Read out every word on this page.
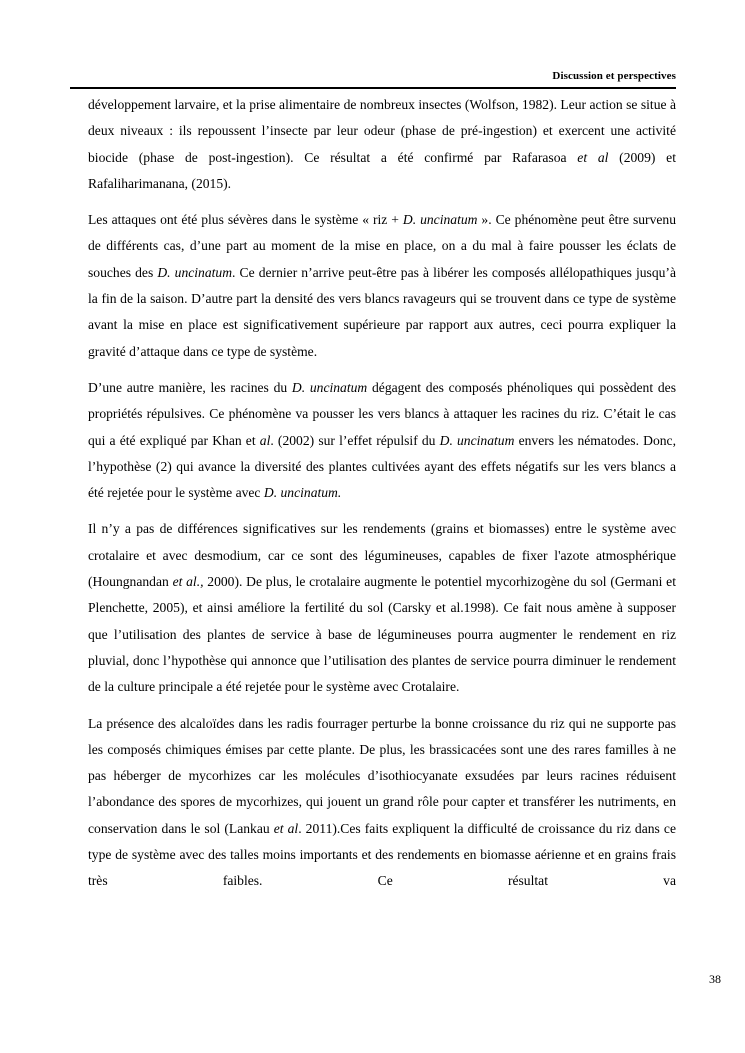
Discussion et perspectives

développement larvaire, et la prise alimentaire de nombreux insectes (Wolfson, 1982). Leur action se situe à deux niveaux : ils repoussent l’insecte par leur odeur (phase de pré-ingestion) et exercent une activité biocide (phase de post-ingestion). Ce résultat a été confirmé par Rafarasoa et al (2009) et Rafaliharimanana, (2015).

Les attaques ont été plus sévères dans le système « riz + D. uncinatum ». Ce phénomène peut être survenu de différents cas, d’une part au moment de la mise en place, on a du mal à faire pousser les éclats de souches des D. uncinatum. Ce dernier n’arrive peut-être pas à libérer les composés allélopathiques jusqu’à la fin de la saison. D’autre part la densité des vers blancs ravageurs qui se trouvent dans ce type de système avant la mise en place est significativement supérieure par rapport aux autres, ceci pourra expliquer la gravité d’attaque dans ce type de système.

D’une autre manière, les racines du D. uncinatum dégagent des composés phénoliques qui possèdent des propriétés répulsives. Ce phénomène va pousser les vers blancs à attaquer les racines du riz. C’était le cas qui a été expliqué par Khan et al. (2002) sur l’effet répulsif du D. uncinatum envers les nématodes. Donc, l’hypothèse (2) qui avance la diversité des plantes cultivées ayant des effets négatifs sur les vers blancs a été rejetée pour le système avec D. uncinatum.

Il n’y a pas de différences significatives sur les rendements (grains et biomasses) entre le système avec crotalaire et avec desmodium, car ce sont des légumineuses, capables de fixer l'azote atmosphérique (Houngnandan et al., 2000). De plus, le crotalaire augmente le potentiel mycorhizogène du sol (Germani et Plenchette, 2005), et ainsi améliore la fertilité du sol (Carsky et al.1998). Ce fait nous amène à supposer que l’utilisation des plantes de service à base de légumineuses pourra augmenter le rendement en riz pluvial, donc l’hypothèse qui annonce que l’utilisation des plantes de service pourra diminuer le rendement de la culture principale a été rejetée pour le système avec Crotalaire.

La présence des alcaloïdes dans les radis fourrager perturbe la bonne croissance du riz qui ne supporte pas les composés chimiques émises par cette plante. De plus, les brassicacées sont une des rares familles à ne pas héberger de mycorhizes car les molécules d’isothiocyanate exsudées par leurs racines réduisent l’abondance des spores de mycorhizes, qui jouent un grand rôle pour capter et transférer les nutriments, en conservation dans le sol (Lankau et al. 2011).Ces faits expliquent la difficulté de croissance du riz dans ce type de système avec des talles moins importants et des rendements en biomasse aérienne et en grains frais très faibles. Ce résultat va

38
